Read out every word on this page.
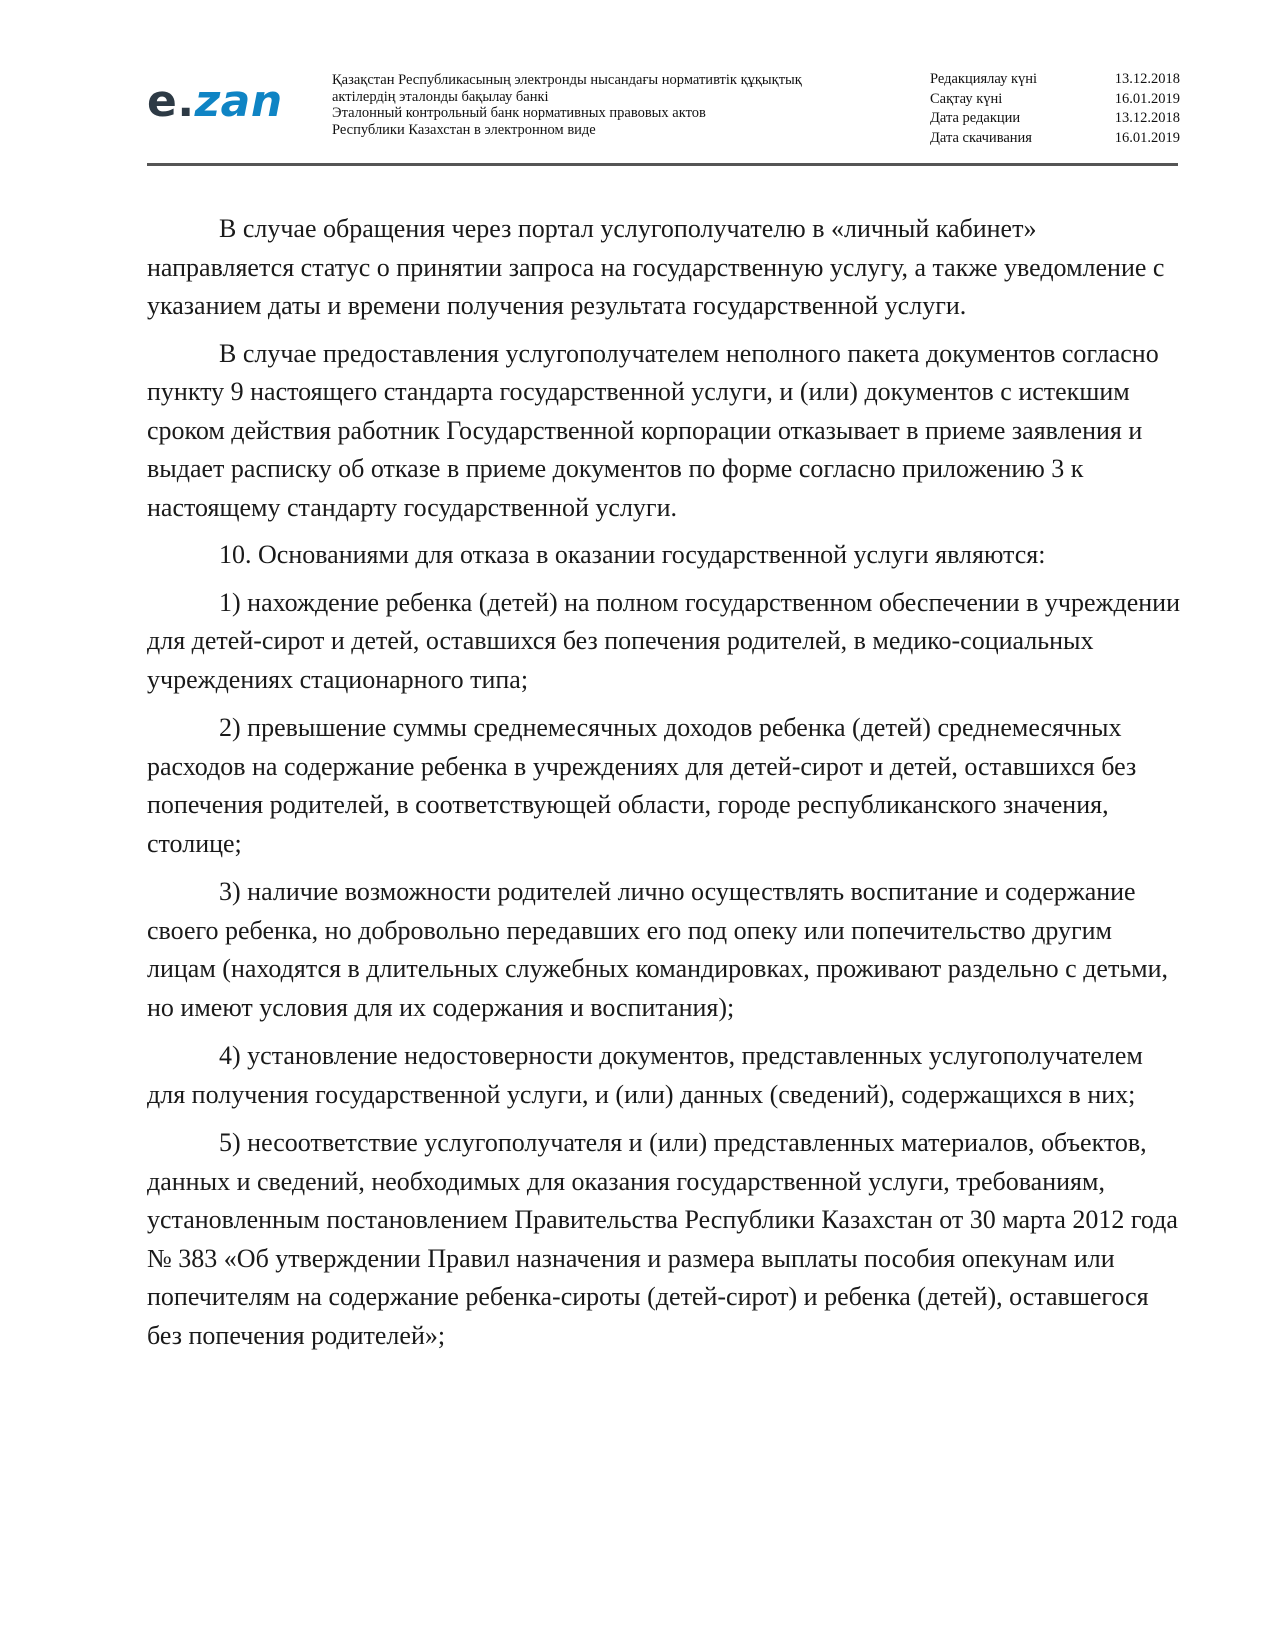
e.zan	Қазақстан Республикасының электронды нысандағы нормативтік құқықтық
актілердің эталонды бақылау банкі
Эталонный контрольный банк нормативных правовых актов
Республики Казахстан в электронном виде
Редакциялау күні	13.12.2018
Сақтау күні	16.01.2019
Дата редакции	13.12.2018
Дата скачивания	16.01.2019

В случае обращения через портал услугополучателю в «личный кабинет» направляется статус о принятии запроса на государственную услугу, а также уведомление с указанием даты и времени получения результата государственной услуги.

В случае предоставления услугополучателем неполного пакета документов согласно пункту 9 настоящего стандарта государственной услуги, и (или) документов с истекшим сроком действия работник Государственной корпорации отказывает в приеме заявления и выдает расписку об отказе в приеме документов по форме согласно приложению 3 к настоящему стандарту государственной услуги.

10. Основаниями для отказа в оказании государственной услуги являются:

1) нахождение ребенка (детей) на полном государственном обеспечении в учреждении для детей-сирот и детей, оставшихся без попечения родителей, в медико-социальных учреждениях стационарного типа;

2) превышение суммы среднемесячных доходов ребенка (детей) среднемесячных расходов на содержание ребенка в учреждениях для детей-сирот и детей, оставшихся без попечения родителей, в соответствующей области, городе республиканского значения, столице;

3) наличие возможности родителей лично осуществлять воспитание и содержание своего ребенка, но добровольно передавших его под опеку или попечительство другим лицам (находятся в длительных служебных командировках, проживают раздельно с детьми, но имеют условия для их содержания и воспитания);

4) установление недостоверности документов, представленных услугополучателем для получения государственной услуги, и (или) данных (сведений), содержащихся в них;

5) несоответствие услугополучателя и (или) представленных материалов, объектов, данных и сведений, необходимых для оказания государственной услуги, требованиям, установленным постановлением Правительства Республики Казахстан от 30 марта 2012 года № 383 «Об утверждении Правил назначения и размера выплаты пособия опекунам или попечителям на содержание ребенка-сироты (детей-сирот) и ребенка (детей), оставшегося без попечения родителей»;
